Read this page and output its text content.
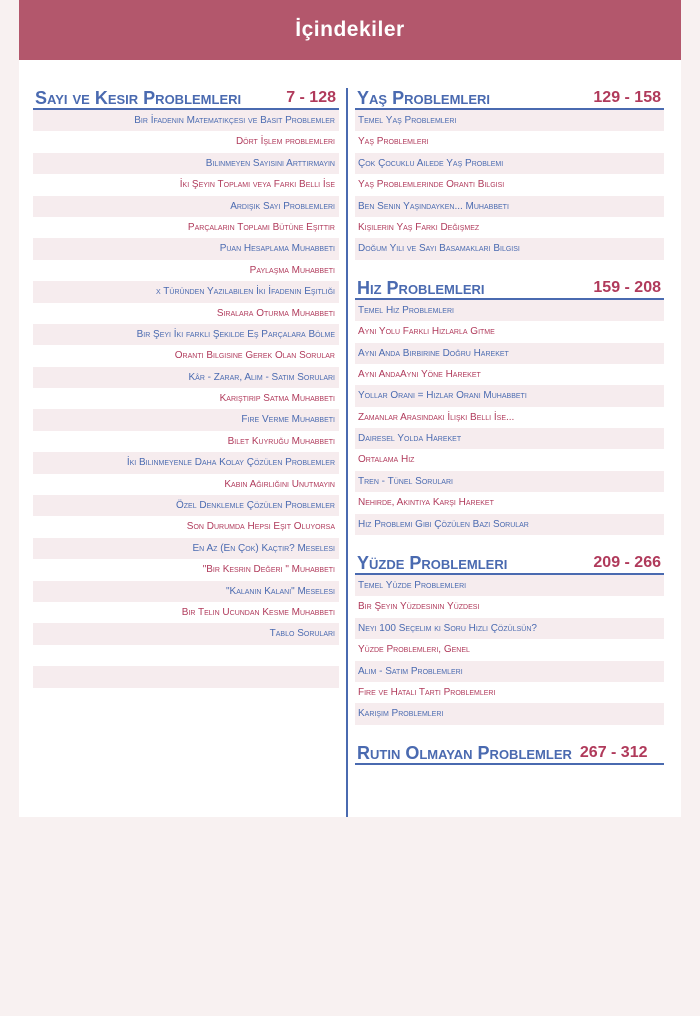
İçindekiler
Sayı ve Kesir Problemleri	7 - 128
Bir İfadenin Matematikçesi ve Basit Problemler
Dört İşlem problemleri
Bilinmeyen Sayısını Arttırmayın
İki Şeyin Toplamı veya Farkı Belli İse
Ardışık Sayı Problemleri
Parçaların Toplamı Bütüne Eşittir
Puan Hesaplama Muhabbeti
Paylaşma Muhabbeti
x Türünden Yazılabilen İki İfadenin Eşitliği
Sıralara Oturma Muhabbeti
Bir Şeyi İki farklı Şekilde Eş Parçalara Bölme
Orantı Bilgisine Gerek Olan Sorular
Kâr - Zarar, Alım - Satım Soruları
Karıştırıp Satma Muhabbeti
Fire Verme Muhabbeti
Bilet Kuyruğu Muhabbeti
İki Bilinmeyenle Daha Kolay Çözülen Problemler
Kabın Ağırlığını Unutmayın
Özel Denklemle Çözülen Problemler
Son Durumda Hepsi Eşit Oluyorsa
En Az (En Çok) Kaçtır? Meselesi
"Bir Kesrin Değeri " Muhabbeti
"Kalanın Kalanı" Meselesi
Bir Telin Ucundan Kesme Muhabbeti
Tablo Soruları
Yaş Problemleri	129 - 158
Temel Yaş Problemleri
Yaş Problemleri
Çok Çocuklu Ailede Yaş Problemi
Yaş Problemlerinde Orantı Bilgisi
Ben Senin Yaşındayken... Muhabbeti
Kişilerin Yaş Farkı Değişmez
Doğum Yılı ve Sayı Basamakları Bilgisi
Hız Problemleri	159 - 208
Temel Hız Problemleri
Aynı Yolu Farklı Hızlarla Gitme
Aynı Anda Birbirine Doğru Hareket
Aynı AndaAynı Yöne Hareket
Yollar Oranı = Hızlar Oranı Muhabbeti
Zamanlar Arasındaki İlişki Belli İse...
Dairesel Yolda Hareket
Ortalama Hız
Tren - Tünel Soruları
Nehirde, Akıntıya Karşı Hareket
Hız Problemi Gibi Çözülen Bazı Sorular
Yüzde Problemleri	209 - 266
Temel Yüzde Problemleri
Bir Şeyin Yüzdesinin Yüzdesi
Neyi 100 Seçelim ki Soru Hızlı Çözülsün?
Yüzde Problemleri, Genel
Alım - Satım Problemleri
Fire ve Hatalı Tartı Problemleri
Karışım Problemleri
Rutin Olmayan Problemler 267 - 312
